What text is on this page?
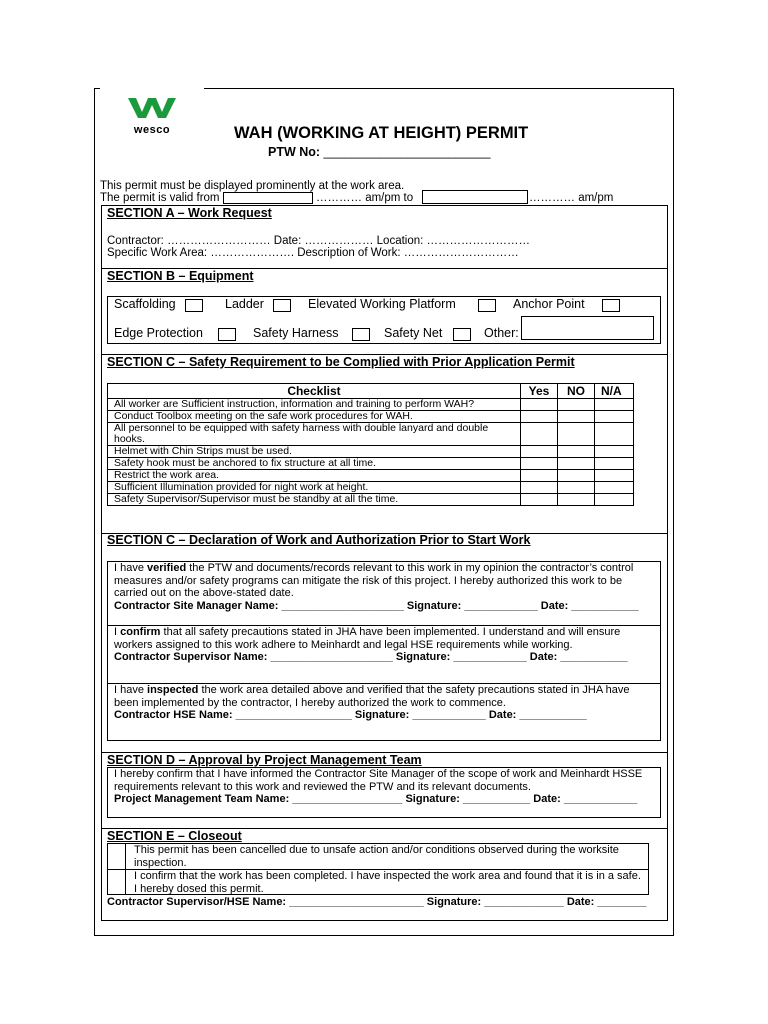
wesco	WAH (WORKING AT HEIGHT) PERMIT
PTW No: ________________________
This permit must be displayed prominently at the work area.
The permit is valid from	………… am/pm to	………… am/pm
SECTION A – Work Request
Contractor: ……………………… Date: ……………… Location: ………………………
Specific Work Area: …………………. Description of Work: …………………………
SECTION B – Equipment
Scaffolding	Ladder	Elevated Working Platform	Anchor Point
Edge Protection	Safety Harness	Safety Net	Other:
SECTION C – Safety Requirement to be Complied with Prior Application Permit
Checklist	Yes	NO	N/A
All worker are Sufficient instruction, information and training to perform WAH?			
Conduct Toolbox meeting on the safe work procedures for WAH.			
All personnel to be equipped with safety harness with double lanyard and double hooks.			
Helmet with Chin Strips must be used.			
Safety hook must be anchored to fix structure at all time.			
Restrict the work area.			
Sufficient Illumination provided for night work at height.			
Safety Supervisor/Supervisor must be standby at all the time.			
SECTION C – Declaration of Work and Authorization Prior to Start Work
I have verified the PTW and documents/records relevant to this work in my opinion the contractor’s control measures and/or safety programs can mitigate the risk of this project. I hereby authorized this work to be carried out on the above-stated date.
Contractor Site Manager Name: ____________________ Signature: ____________ Date: ___________
I confirm that all safety precautions stated in JHA have been implemented. I understand and will ensure workers assigned to this work adhere to Meinhardt and legal HSE requirements while working.
Contractor Supervisor Name: ____________________ Signature: ____________ Date: ___________
I have inspected the work area detailed above and verified that the safety precautions stated in JHA have been implemented by the contractor, I hereby authorized the work to commence.
Contractor HSE Name: ___________________ Signature: ____________ Date: ___________
SECTION D – Approval by Project Management Team
I hereby confirm that I have informed the Contractor Site Manager of the scope of work and Meinhardt HSSE requirements relevant to this work and reviewed the PTW and its relevant documents.
Project Management Team Name: __________________ Signature: ___________ Date: ____________
SECTION E – Closeout
This permit has been cancelled due to unsafe action and/or conditions observed during the worksite inspection.
I confirm that the work has been completed. I have inspected the work area and found that it is in a safe. I hereby dosed this permit.
Contractor Supervisor/HSE Name: ______________________ Signature: _____________ Date: ________
